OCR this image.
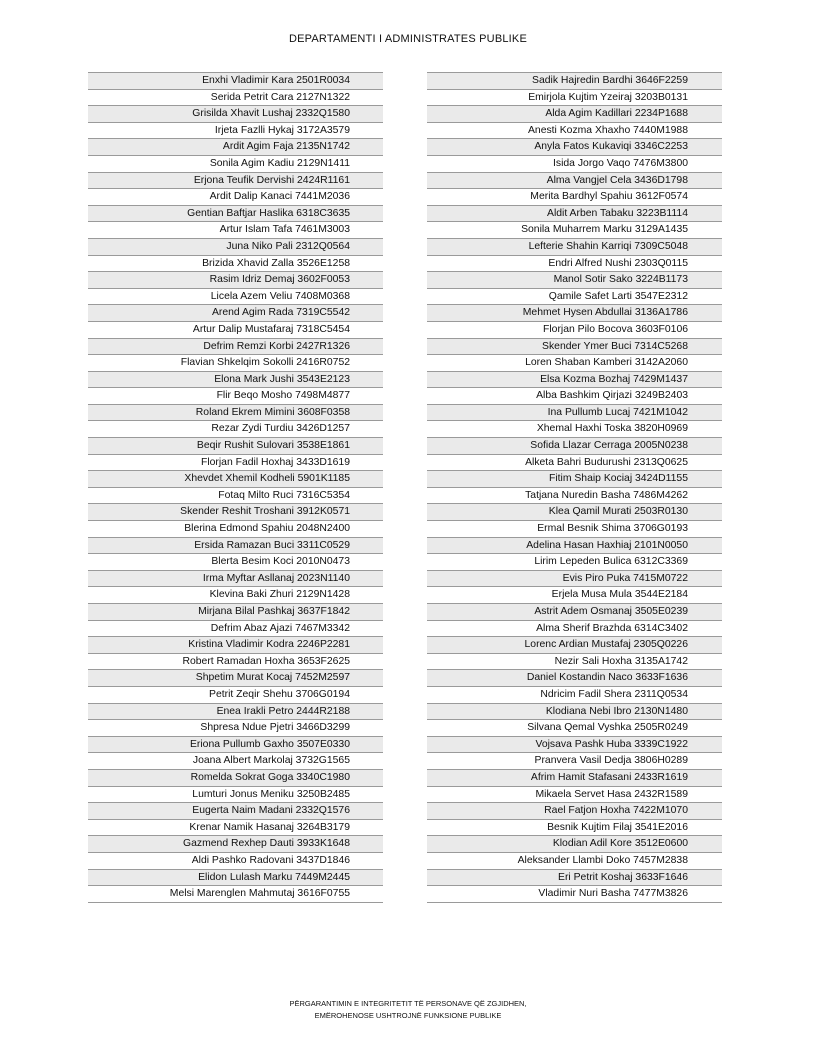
DEPARTAMENTI I ADMINISTRATES PUBLIKE
Enxhi Vladimir Kara 2501R0034
Serida Petrit Cara 2127N1322
Grisilda Xhavit Lushaj 2332Q1580
Irjeta Fazlli Hykaj 3172A3579
Ardit Agim Faja 2135N1742
Sonila Agim Kadiu 2129N1411
Erjona Teufik Dervishi 2424R1161
Ardit Dalip Kanaci 7441M2036
Gentian Baftjar Haslika 6318C3635
Artur Islam Tafa 7461M3003
Juna Niko Pali 2312Q0564
Brizida Xhavid Zalla 3526E1258
Rasim Idriz Demaj 3602F0053
Licela Azem Veliu 7408M0368
Arend Agim Rada 7319C5542
Artur Dalip Mustafaraj 7318C5454
Defrim Remzi Korbi 2427R1326
Flavian Shkelqim Sokolli 2416R0752
Elona Mark Jushi 3543E2123
Flir Beqo Mosho 7498M4877
Roland Ekrem Mimini 3608F0358
Rezar Zydi Turdiu 3426D1257
Beqir Rushit Sulovari 3538E1861
Florjan Fadil Hoxhaj 3433D1619
Xhevdet Xhemil Kodheli 5901K1185
Fotaq Milto Ruci 7316C5354
Skender Reshit Troshani 3912K0571
Blerina Edmond Spahiu 2048N2400
Ersida Ramazan Buci 3311C0529
Blerta Besim Koci 2010N0473
Irma Myftar Asllanaj 2023N1140
Klevina Baki Zhuri 2129N1428
Mirjana Bilal Pashkaj 3637F1842
Defrim Abaz Ajazi 7467M3342
Kristina Vladimir Kodra 2246P2281
Robert Ramadan Hoxha 3653F2625
Shpetim Murat Kocaj 7452M2597
Petrit Zeqir Shehu 3706G0194
Enea Irakli Petro 2444R2188
Shpresa Ndue Pjetri 3466D3299
Eriona Pullumb Gaxho 3507E0330
Joana Albert Markolaj 3732G1565
Romelda Sokrat Goga 3340C1980
Lumturi Jonus Meniku 3250B2485
Eugerta Naim Madani 2332Q1576
Krenar Namik Hasanaj 3264B3179
Gazmend Rexhep Dauti 3933K1648
Aldi Pashko Radovani 3437D1846
Elidon Lulash Marku 7449M2445
Melsi Marenglen Mahmutaj 3616F0755
Sadik Hajredin Bardhi 3646F2259
Emirjola Kujtim Yzeiraj 3203B0131
Alda Agim Kadillari 2234P1688
Anesti Kozma Xhaxho 7440M1988
Anyla Fatos Kukaviqi 3346C2253
Isida Jorgo Vaqo 7476M3800
Alma Vangjel Cela 3436D1798
Merita Bardhyl Spahiu 3612F0574
Aldit Arben Tabaku 3223B1114
Sonila Muharrem Marku 3129A1435
Lefterie Shahin Karriqi 7309C5048
Endri Alfred Nushi 2303Q0115
Manol Sotir Sako 3224B1173
Qamile Safet Larti 3547E2312
Mehmet Hysen Abdullai 3136A1786
Florjan Pilo Bocova 3603F0106
Skender Ymer Buci 7314C5268
Loren Shaban Kamberi 3142A2060
Elsa Kozma Bozhaj 7429M1437
Alba Bashkim Qirjazi 3249B2403
Ina Pullumb Lucaj 7421M1042
Xhemal Haxhi Toska 3820H0969
Sofida Llazar Cerraga 2005N0238
Alketa Bahri Budurushi 2313Q0625
Fitim Shaip Kociaj 3424D1155
Tatjana Nuredin Basha 7486M4262
Klea Qamil Murati 2503R0130
Ermal Besnik Shima 3706G0193
Adelina Hasan Haxhiaj 2101N0050
Lirim Lepeden Bulica 6312C3369
Evis Piro Puka 7415M0722
Erjela Musa Mula 3544E2184
Astrit Adem Osmanaj 3505E0239
Alma Sherif Brazhda 6314C3402
Lorenc Ardian Mustafaj 2305Q0226
Nezir Sali Hoxha 3135A1742
Daniel Kostandin Naco 3633F1636
Ndricim Fadil Shera 2311Q0534
Klodiana Nebi Ibro 2130N1480
Silvana Qemal Vyshka 2505R0249
Vojsava Pashk Huba 3339C1922
Pranvera Vasil Dedja 3806H0289
Afrim Hamit Stafasani 2433R1619
Mikaela Servet Hasa 2432R1589
Rael Fatjon Hoxha 7422M1070
Besnik Kujtim Filaj 3541E2016
Klodian Adil Kore 3512E0600
Aleksander Llambi Doko 7457M2838
Eri Petrit Koshaj 3633F1646
Vladimir Nuri Basha 7477M3826
PËRGARANTIMIN E INTEGRITETIT TË PERSONAVE QË ZGJIDHEN,
EMËROHENOSE USHTROJNË FUNKSIONE PUBLIKE
